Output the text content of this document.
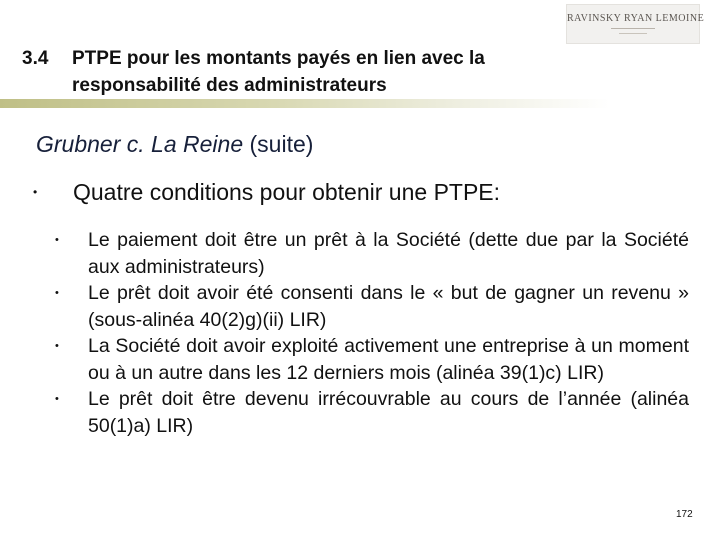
RAVINSKY RYAN LEMOINE
3.4 PTPE pour les montants payés en lien avec la
responsabilité des administrateurs
Grubner c. La Reine (suite)
• Quatre conditions pour obtenir une PTPE:
• Le paiement doit être un prêt à la Société (dette due par la Société aux administrateurs)
• Le prêt doit avoir été consenti dans le « but de gagner un revenu » (sous-alinéa 40(2)g)(ii) LIR)
• La Société doit avoir exploité activement une entreprise à un moment ou à un autre dans les 12 derniers mois (alinéa 39(1)c) LIR)
• Le prêt doit être devenu irrécouvrable au cours de l’année (alinéa 50(1)a) LIR)
172
